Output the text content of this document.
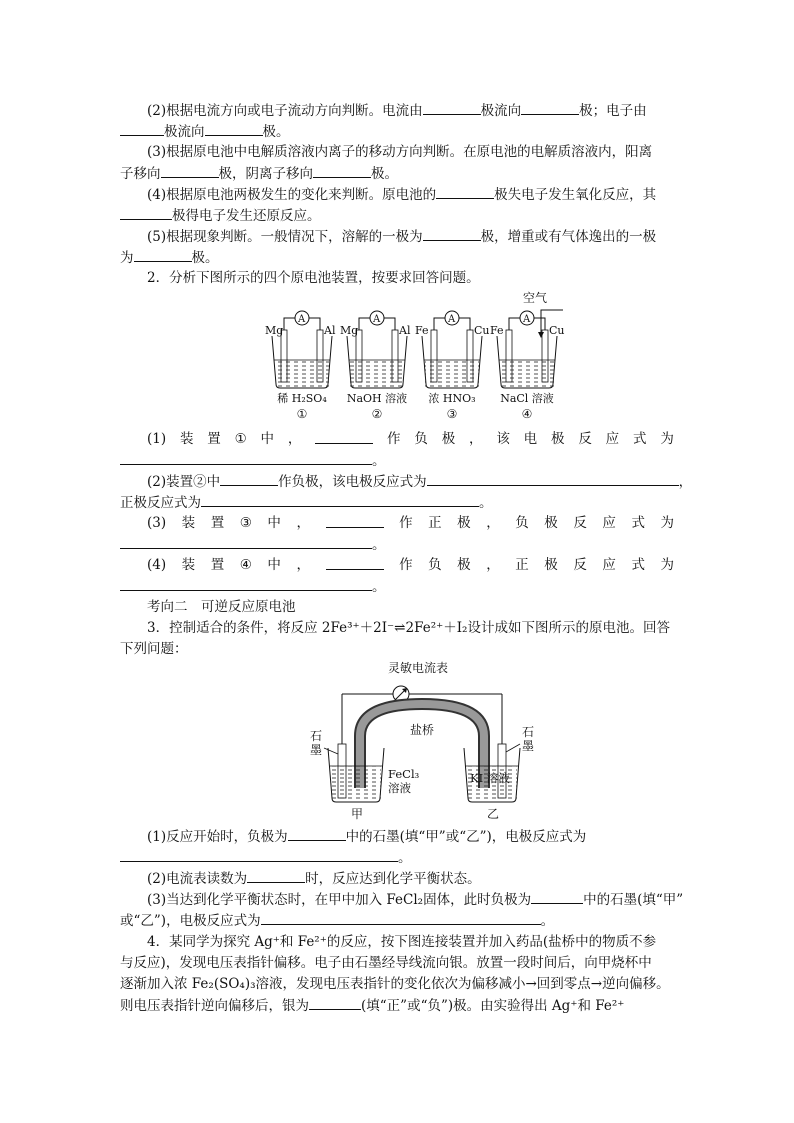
(2)根据电流方向或电子流动方向判断。电流由	极流向	极；电子由
极流向	极。
(3)根据原电池中电解质溶液内离子的移动方向判断。在原电池的电解质溶液内，阳离
子移向	极，阴离子移向	极。
(4)根据原电池两极发生的变化来判断。原电池的	极失电子发生氧化反应，其
极得电子发生还原反应。
(5)根据现象判断。一般情况下，溶解的一极为	极，增重或有气体逸出的一极
为	极。
2．分析下图所示的四个原电池装置，按要求回答问题。
A
Mg	Al
稀 H₂SO₄
①
A
Mg	Al
NaOH 溶液
②
A
Fe	Cu
浓 HNO₃
③
A
Fe	Cu
NaCl 溶液
④
空气
(1) 装 置 ① 中 ，	作 负 极 ， 该 电 极 反 应 式 为
。
(2)装置②中	作负极，该电极反应式为	，
正极反应式为	。
(3) 装 置 ③ 中 ，	作 正 极 ， 负 极 反 应 式 为
。
(4) 装 置 ④ 中 ，	作 负 极 ， 正 极 反 应 式 为
。
考向二　可逆反应原电池
3．控制适合的条件，将反应 2Fe³⁺＋2I⁻⇌2Fe²⁺＋I₂设计成如下图所示的原电池。回答
下列问题：
灵敏电流表
盐桥
石
墨
石
墨
FeCl₃
溶液
KI 溶液
甲	乙
(1)反应开始时，负极为	中的石墨(填“甲”或“乙”)，电极反应式为
。
(2)电流表读数为	时，反应达到化学平衡状态。
(3)当达到化学平衡状态时，在甲中加入 FeCl₂固体，此时负极为	中的石墨(填“甲”
或“乙”)，电极反应式为	。
4．某同学为探究 Ag⁺和 Fe²⁺的反应，按下图连接装置并加入药品(盐桥中的物质不参
与反应)，发现电压表指针偏移。电子由石墨经导线流向银。放置一段时间后，向甲烧杯中
逐渐加入浓 Fe₂(SO₄)₃溶液，发现电压表指针的变化依次为偏移减小→回到零点→逆向偏移。
则电压表指针逆向偏移后，银为	(填“正”或“负”)极。由实验得出 Ag⁺和 Fe²⁺
